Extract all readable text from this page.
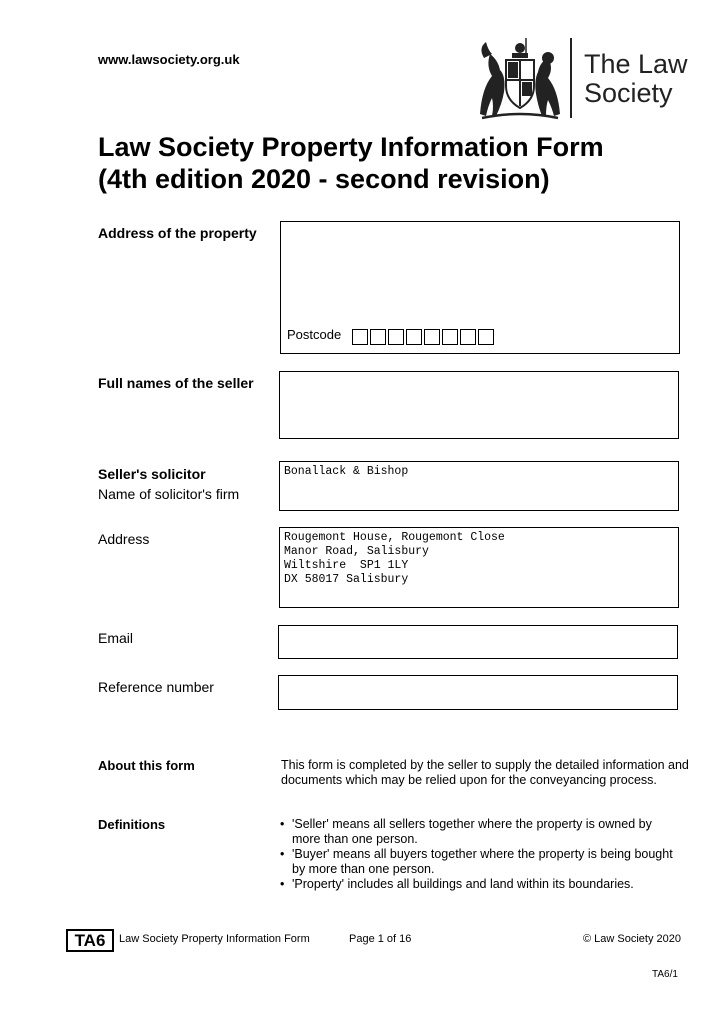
www.lawsociety.org.uk	The Law
Society
Law Society Property Information Form
(4th edition 2020 - second revision)
Address of the property
Postcode
Full names of the seller
Seller's solicitor
Name of solicitor's firm
Bonallack & Bishop
Address	Rougemont House, Rougemont Close
Manor Road, Salisbury
Wiltshire  SP1 1LY
DX 58017 Salisbury
Email
Reference number
About this form	This form is completed by the seller to supply the detailed information and documents which may be relied upon for the conveyancing process.
Definitions
•	'Seller' means all sellers together where the property is owned by more than one person.
• 'Buyer' means all buyers together where the property is being bought by more than one person.
• 'Property' includes all buildings and land within its boundaries.
TA6	Law Society Property Information Form	Page 1 of 16	© Law Society 2020
TA6/1
